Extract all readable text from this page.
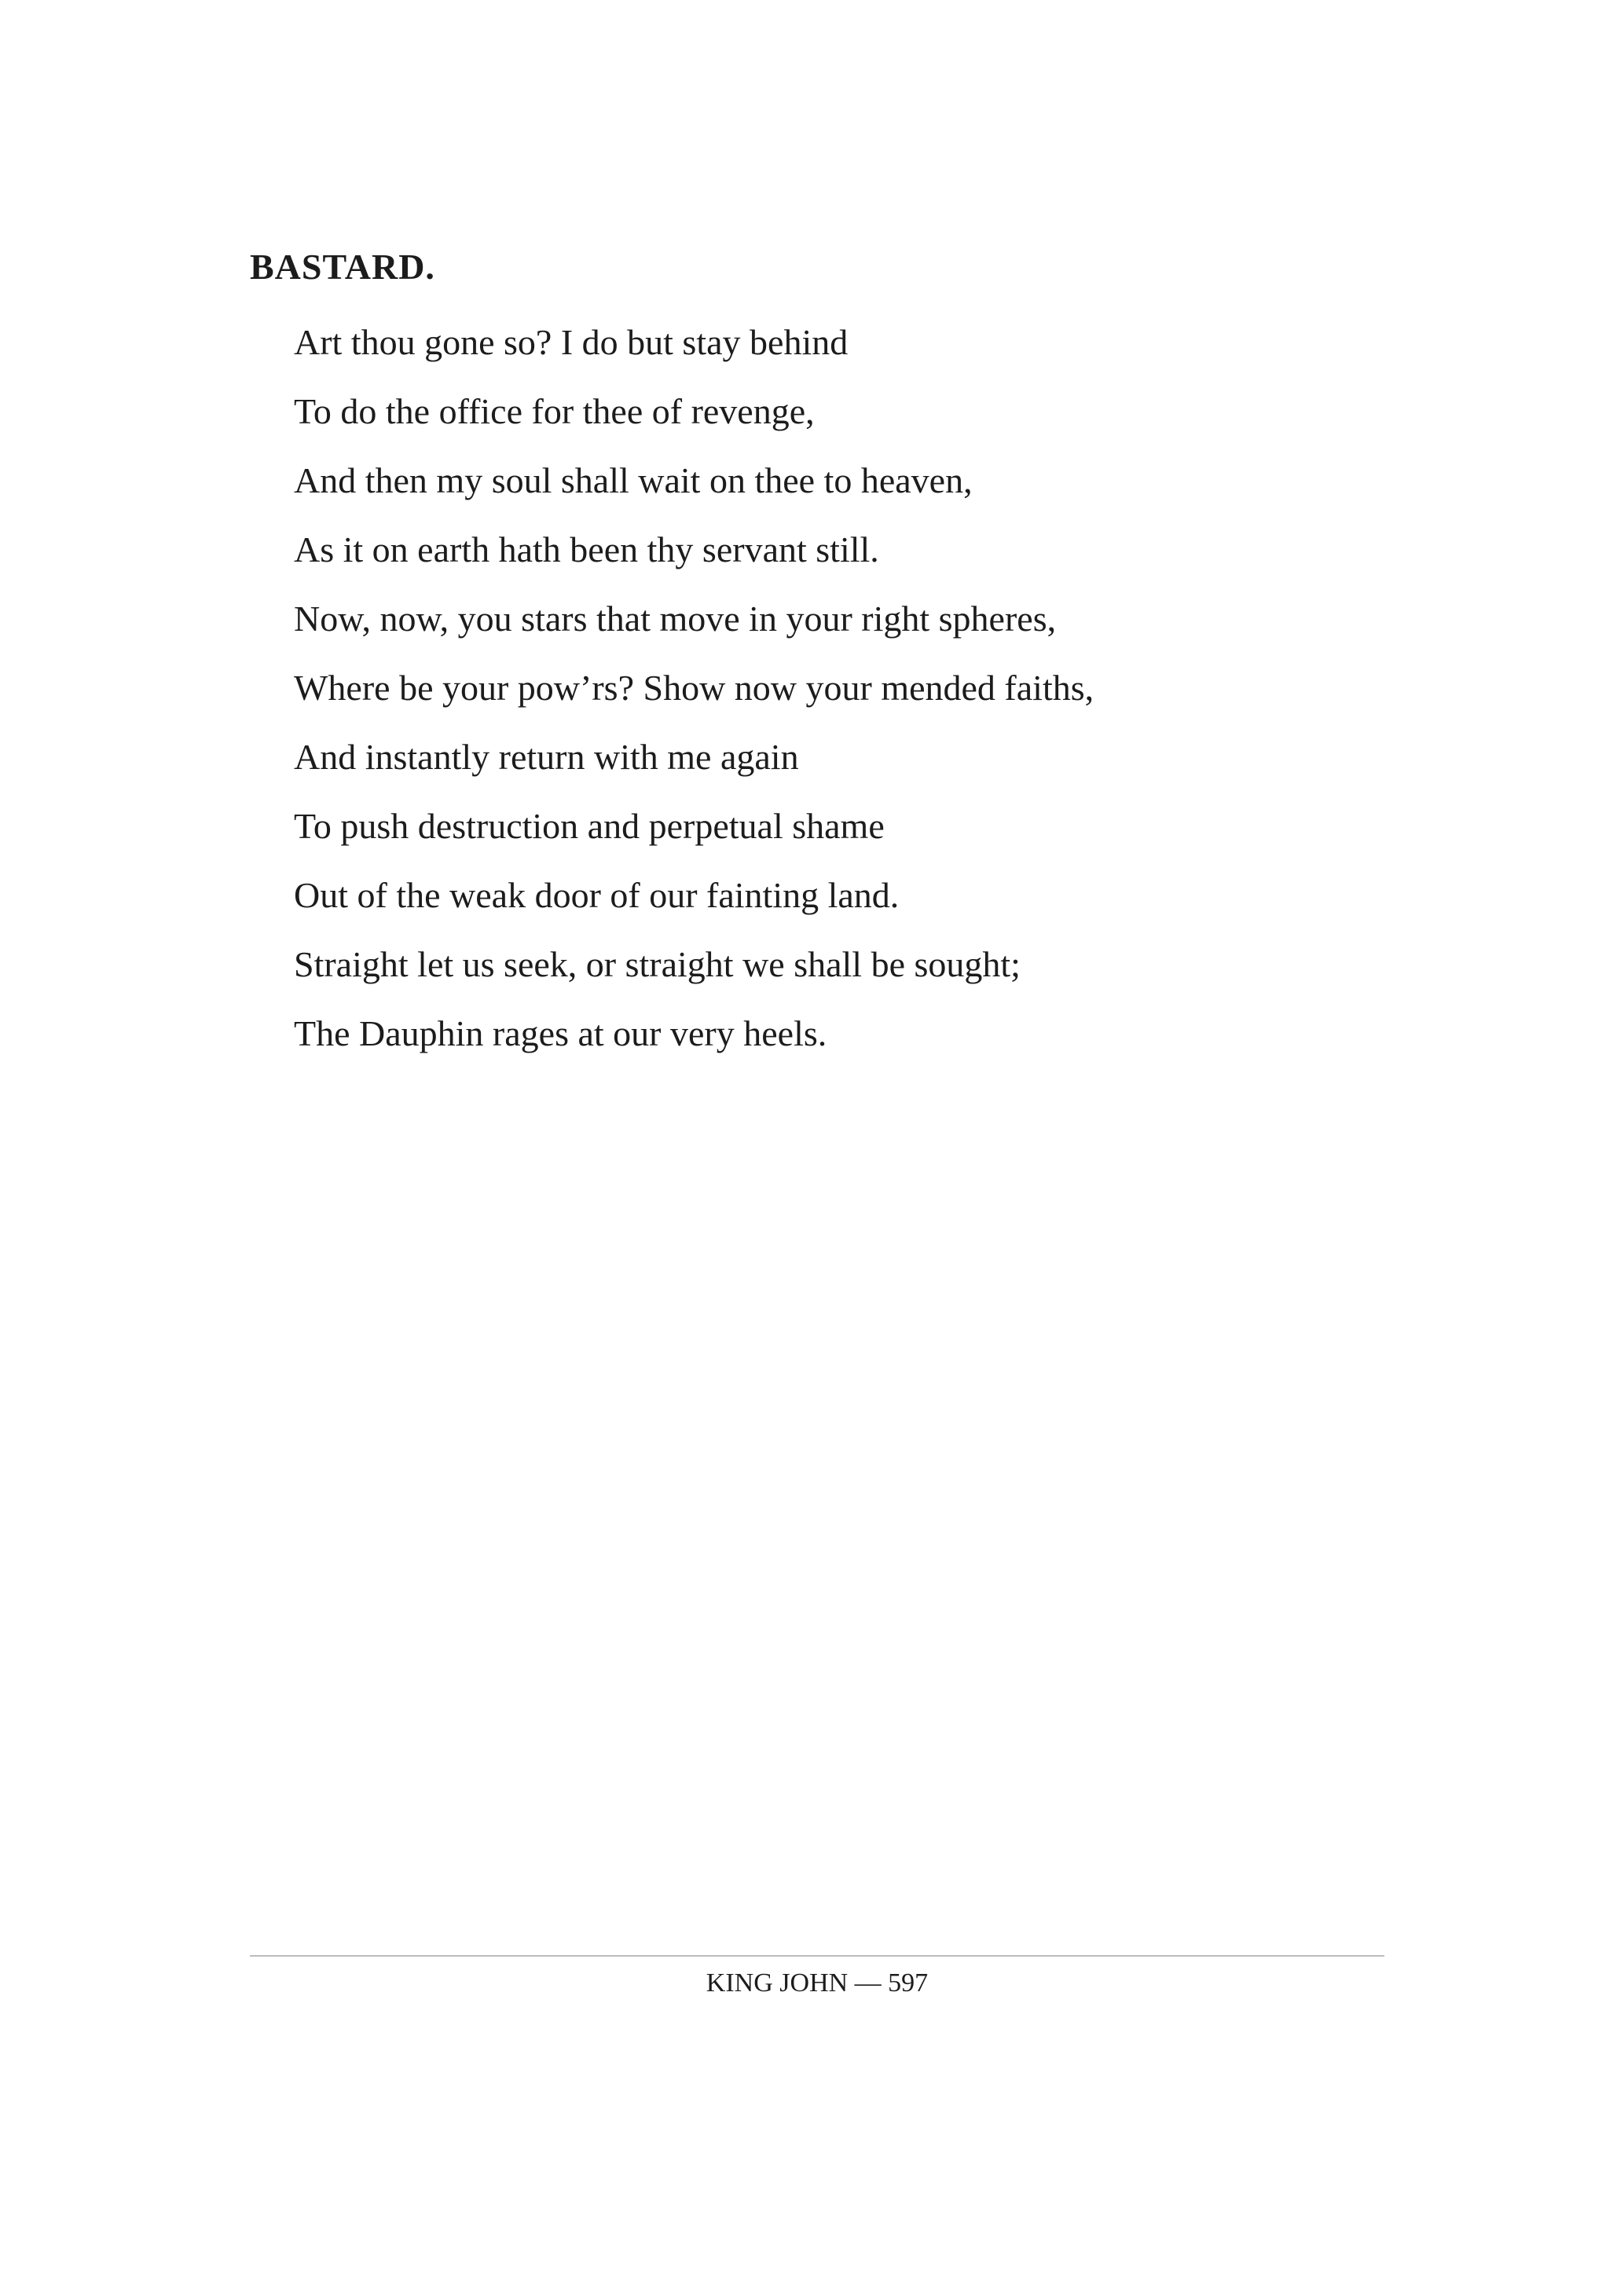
BASTARD.
Art thou gone so? I do but stay behind
To do the office for thee of revenge,
And then my soul shall wait on thee to heaven,
As it on earth hath been thy servant still.
Now, now, you stars that move in your right spheres,
Where be your pow’rs? Show now your mended faiths,
And instantly return with me again
To push destruction and perpetual shame
Out of the weak door of our fainting land.
Straight let us seek, or straight we shall be sought;
The Dauphin rages at our very heels.
KING JOHN — 597
